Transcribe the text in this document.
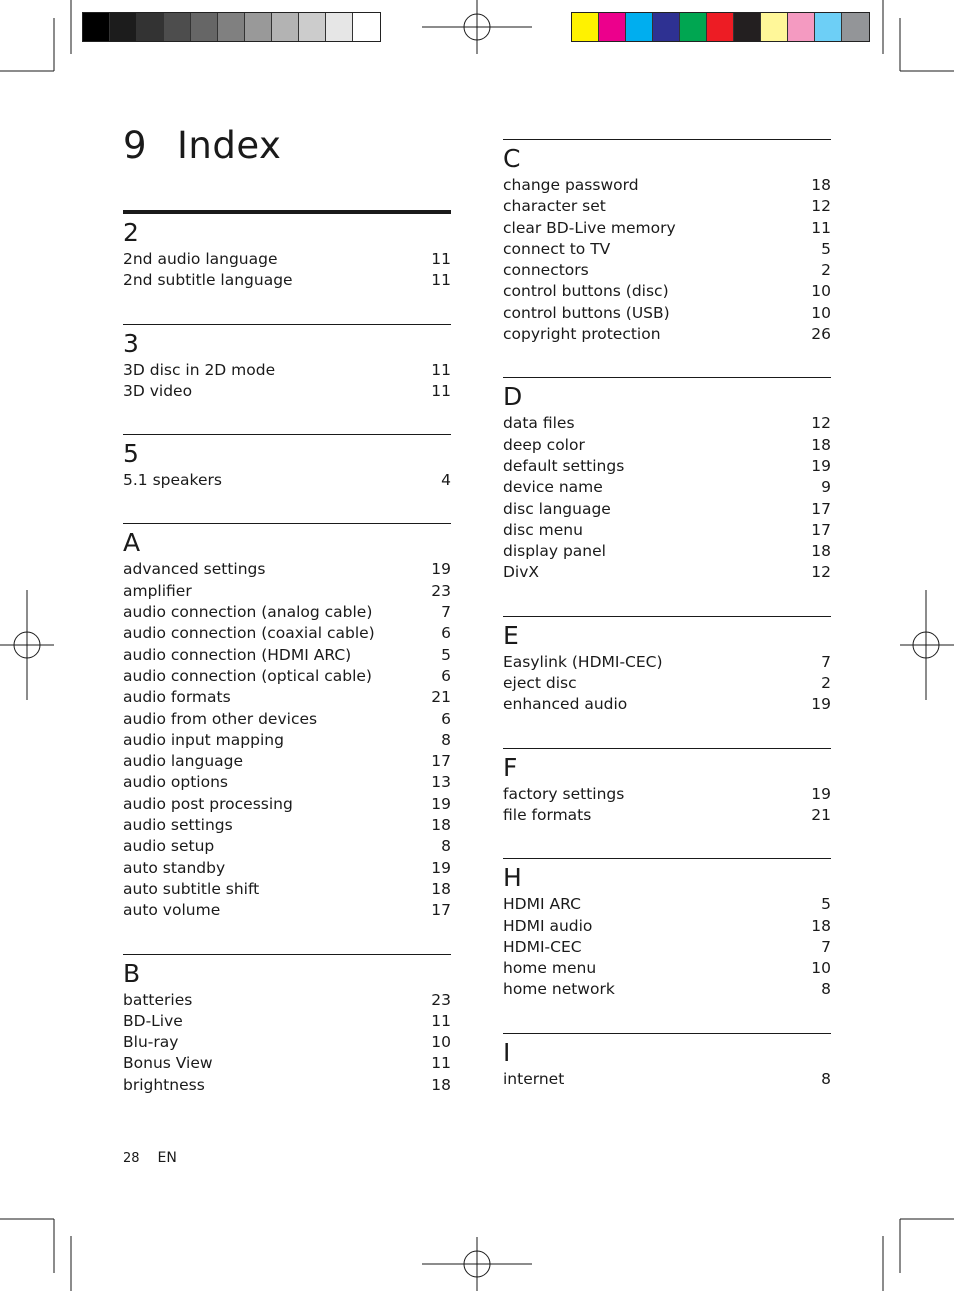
9 Index
2
2nd audio language	11
2nd subtitle language	11
3
3D disc in 2D mode	11
3D video	11
5
5.1 speakers	4
A
advanced settings	19
amplifier	23
audio connection (analog cable)	7
audio connection (coaxial cable)	6
audio connection (HDMI ARC)	5
audio connection (optical cable)	6
audio formats	21
audio from other devices	6
audio input mapping	8
audio language	17
audio options	13
audio post processing	19
audio settings	18
audio setup	8
auto standby	19
auto subtitle shift	18
auto volume	17
B
batteries	23
BD-Live	11
Blu-ray	10
Bonus View	11
brightness	18
C
change password	18
character set	12
clear BD-Live memory	11
connect to TV	5
connectors	2
control buttons (disc)	10
control buttons (USB)	10
copyright protection	26
D
data files	12
deep color	18
default settings	19
device name	9
disc language	17
disc menu	17
display panel	18
DivX	12
E
Easylink (HDMI-CEC)	7
eject disc	2
enhanced audio	19
F
factory settings	19
file formats	21
H
HDMI ARC	5
HDMI audio	18
HDMI-CEC	7
home menu	10
home network	8
I
internet	8
28 EN
